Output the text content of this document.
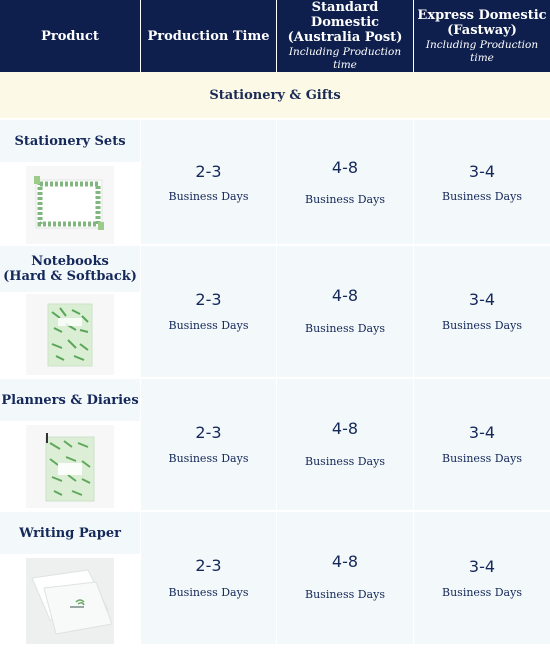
Product	Production Time
Standard Domestic
(Australia Post)
Including Production time
Express Domestic
(Fastway)
Including Production time
Stationery & Gifts
Stationery Sets
2-3
Business Days
4-8
Business Days
3-4
Business Days
Notebooks
(Hard & Softback)
2-3
Business Days
4-8
Business Days
3-4
Business Days
Planners & Diaries
2-3
Business Days
4-8
Business Days
3-4
Business Days
Writing Paper
2-3
Business Days
4-8
Business Days
3-4
Business Days
